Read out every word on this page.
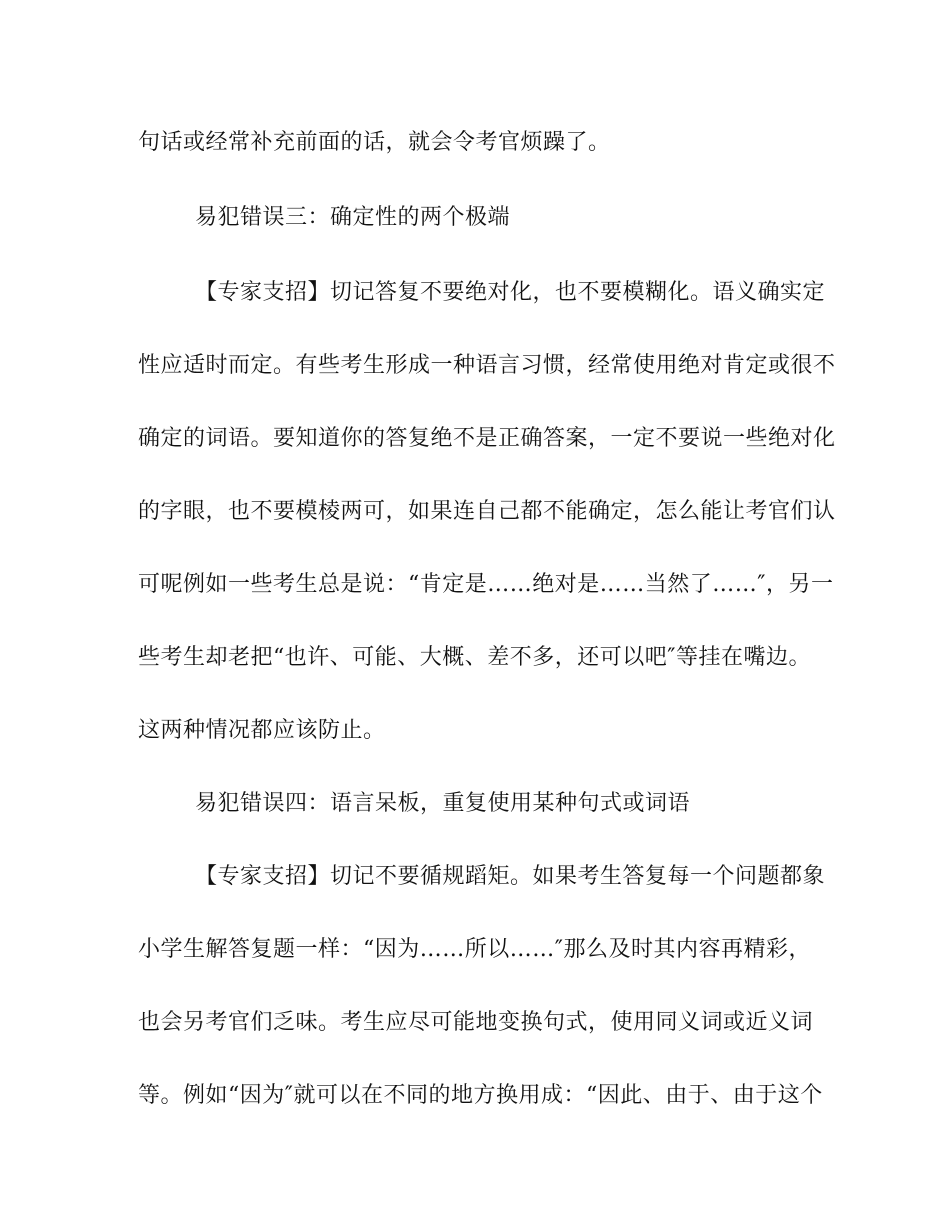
句话或经常补充前面的话，就会令考官烦躁了。
易犯错误三：确定性的两个极端
【专家支招】切记答复不要绝对化，也不要模糊化。语义确实定
性应适时而定。有些考生形成一种语言习惯，经常使用绝对肯定或很不
确定的词语。要知道你的答复绝不是正确答案，一定不要说一些绝对化
的字眼，也不要模棱两可，如果连自己都不能确定，怎么能让考官们认
可呢例如一些考生总是说：“肯定是……绝对是……当然了……″，另一
些考生却老把“也许、可能、大概、差不多，还可以吧″等挂在嘴边。
这两种情况都应该防止。
易犯错误四：语言呆板，重复使用某种句式或词语
【专家支招】切记不要循规蹈矩。如果考生答复每一个问题都象
小学生解答复题一样：“因为……所以……″那么及时其内容再精彩，
也会另考官们乏味。考生应尽可能地变换句式，使用同义词或近义词
等。例如“因为″就可以在不同的地方换用成：“因此、由于、由于这个
